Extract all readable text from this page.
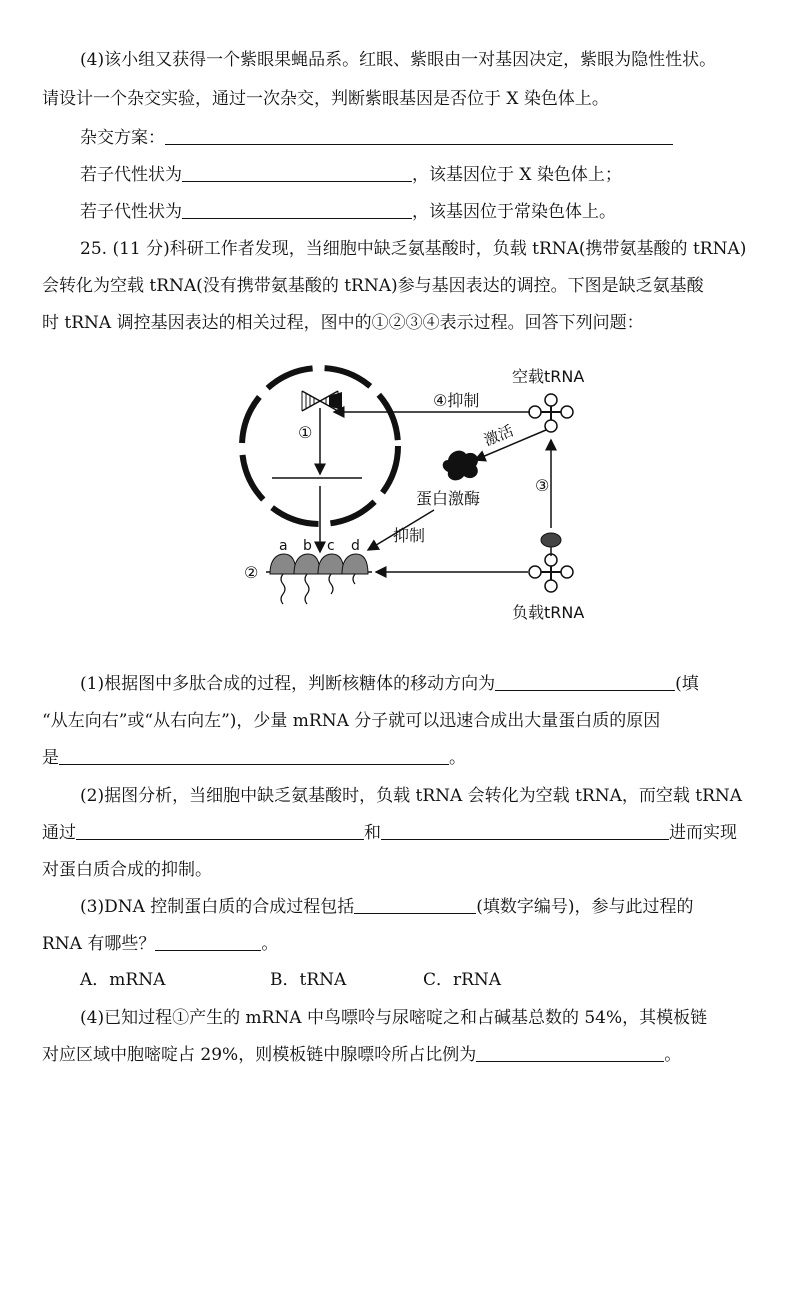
(4)该小组又获得一个紫眼果蝇品系。红眼、紫眼由一对基因决定，紫眼为隐性性状。
请设计一个杂交实验，通过一次杂交，判断紫眼基因是否位于 X 染色体上。
杂交方案：
若子代性状为	，该基因位于 X 染色体上；
若子代性状为	，该基因位于常染色体上。
25. (11 分)科研工作者发现，当细胞中缺乏氨基酸时，负载 tRNA(携带氨基酸的 tRNA)
会转化为空载 tRNA(没有携带氨基酸的 tRNA)参与基因表达的调控。下图是缺乏氨基酸
时 tRNA 调控基因表达的相关过程，图中的①②③④表示过程。回答下列问题：
①
④抑制
空载tRNA
激活
蛋白激酶
抑制
③
负载tRNA
②
a b c d
(1)根据图中多肽合成的过程，判断核糖体的移动方向为	(填
“从左向右”或“从右向左”)，少量 mRNA 分子就可以迅速合成出大量蛋白质的原因
是	。
(2)据图分析，当细胞中缺乏氨基酸时，负载 tRNA 会转化为空载 tRNA，而空载 tRNA
通过	和	进而实现
对蛋白质合成的抑制。
(3)DNA 控制蛋白质的合成过程包括	(填数字编号)，参与此过程的
RNA 有哪些？	。
A．mRNA	B．tRNA	C．rRNA
(4)已知过程①产生的 mRNA 中鸟嘌呤与尿嘧啶之和占碱基总数的 54%，其模板链
对应区域中胞嘧啶占 29%，则模板链中腺嘌呤所占比例为	。
